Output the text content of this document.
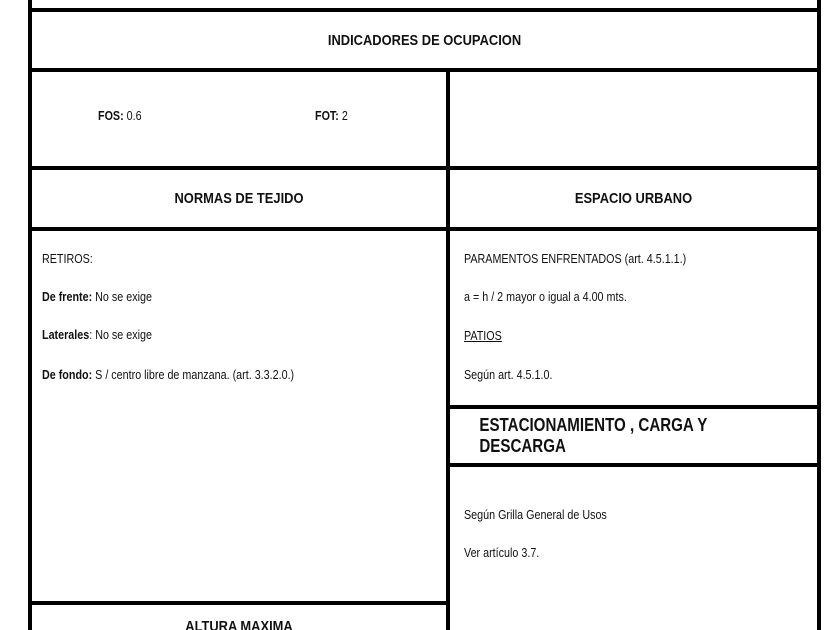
INDICADORES DE OCUPACION
FOS: 0.6	FOT: 2
NORMAS DE TEJIDO	ESPACIO URBANO
RETIROS:
De frente: No se exige
Laterales: No se exige
De fondo: S / centro libre de manzana. (art. 3.3.2.0.)
PARAMENTOS ENFRENTADOS (art. 4.5.1.1.)
a = h / 2 mayor o igual a 4.00 mts.
PATIOS
Según art. 4.5.1.0.
ESTACIONAMIENTO , CARGA Y DESCARGA
Según Grilla General de Usos
Ver artículo 3.7.
ALTURA MAXIMA
